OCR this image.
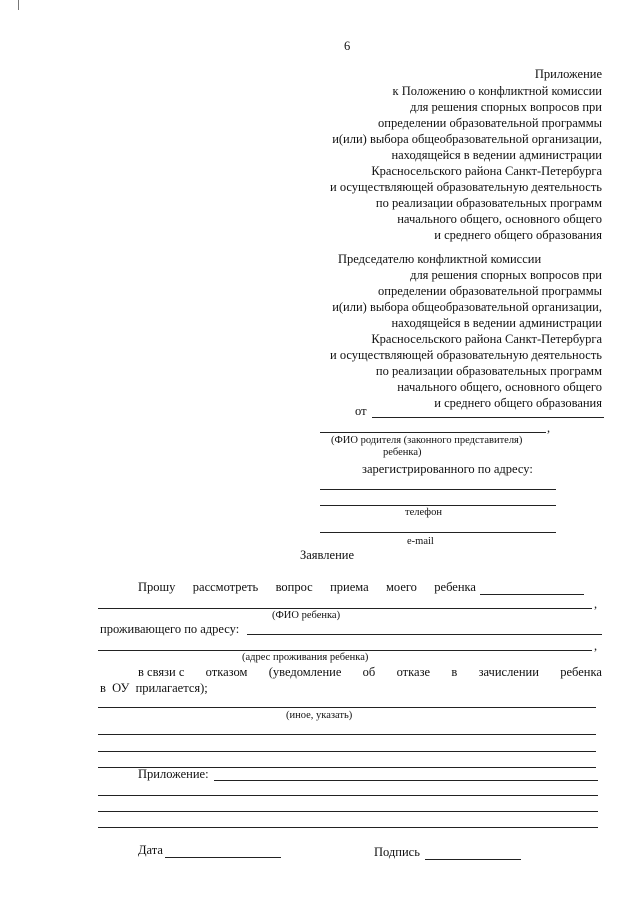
6
Приложение
к Положению о конфликтной комиссии
для решения спорных вопросов при
определении образовательной программы
и(или) выбора общеобразовательной организации,
находящейся в ведении администрации
Красносельского района Санкт-Петербурга
и осуществляющей образовательную деятельность
по реализации образовательных программ
начального общего, основного общего
и среднего общего образования
Председателю конфликтной комиссии
для решения спорных вопросов при
определении образовательной программы
и(или) выбора общеобразовательной организации,
находящейся в ведении администрации
Красносельского района Санкт-Петербурга
и осуществляющей образовательную деятельность
по реализации образовательных программ
начального общего, основного общего
и среднего общего образования
от
,
(ФИО родителя (законного представителя)
ребенка)
зарегистрированного по адресу:
телефон
e-mail
Заявление
Прошу рассмотреть вопрос приема моего ребенка
,
(ФИО ребенка)
проживающего по адресу:
,
(адрес проживания ребенка)
в связи с отказом (уведомление об отказе в зачислении ребенка
в  ОУ  прилагается);
(иное, указать)
Приложение:
Дата	Подпись
